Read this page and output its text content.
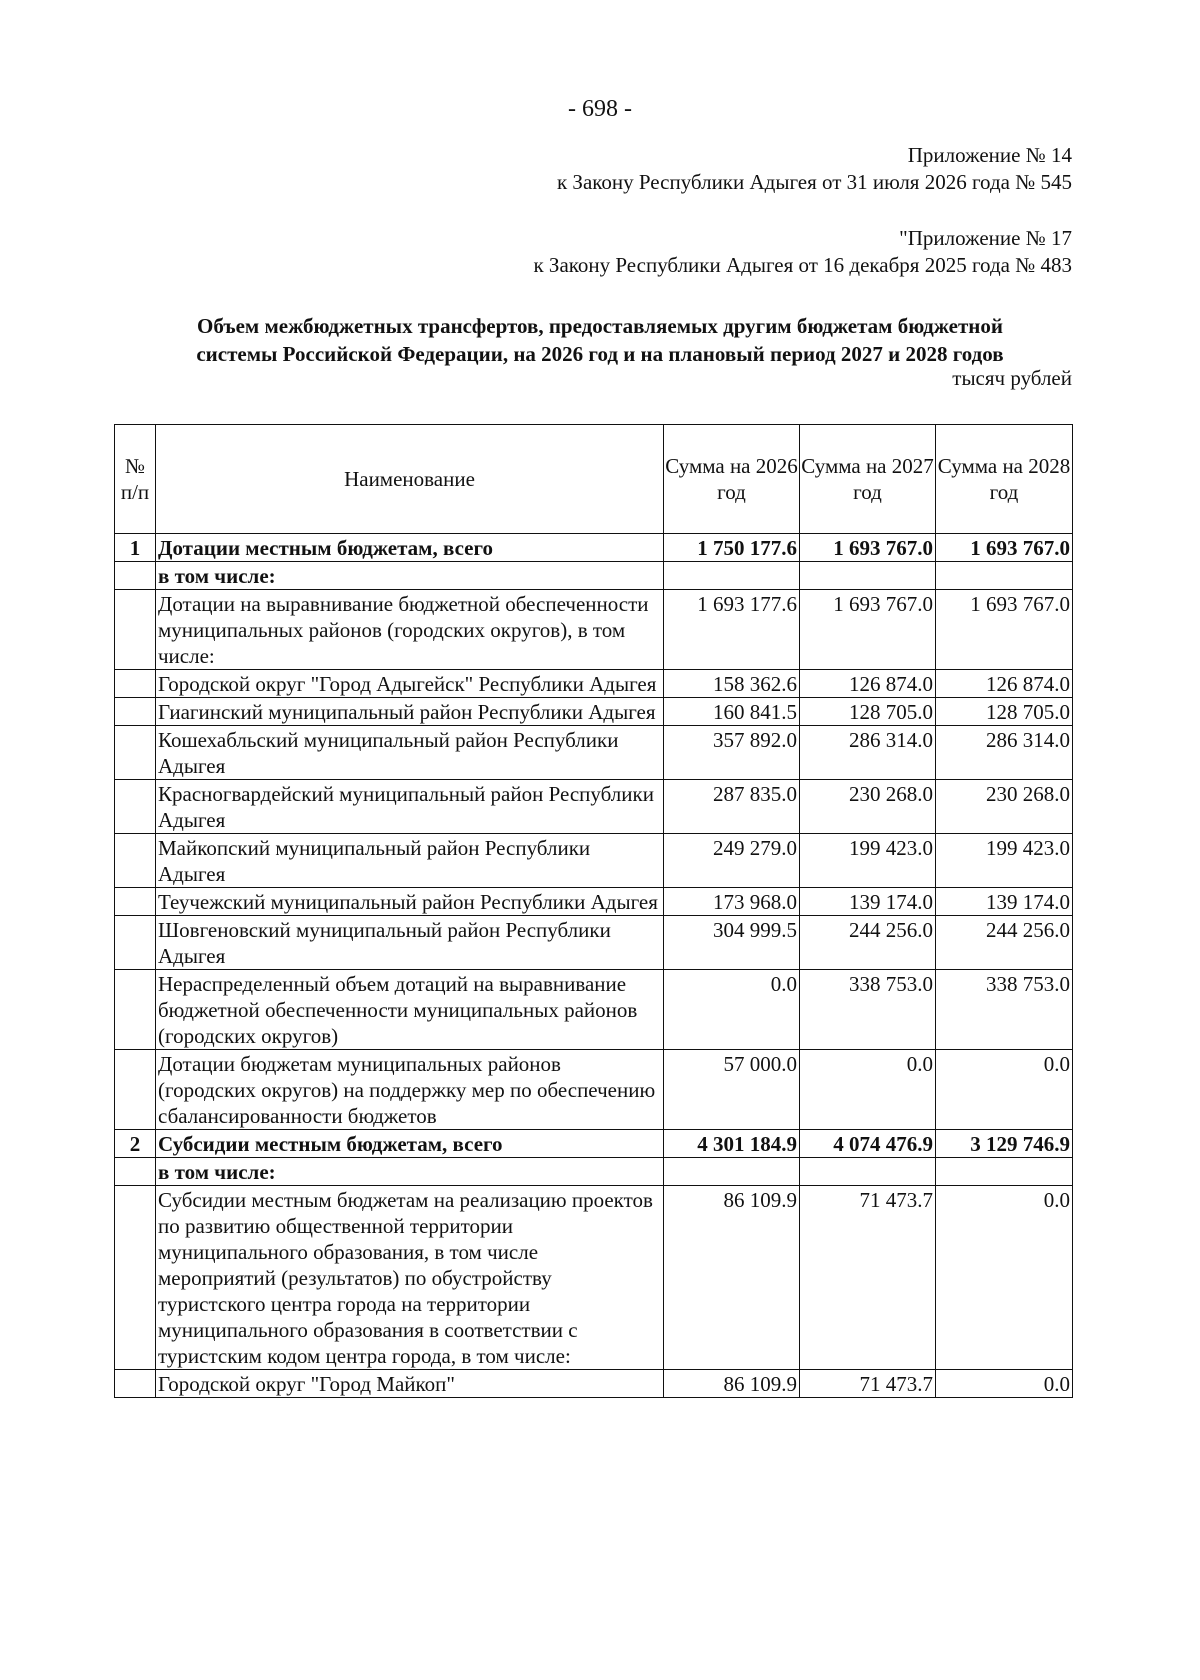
- 698 -
Приложение № 14
к Закону Республики Адыгея от 31 июля 2026 года № 545
"Приложение № 17
к Закону Республики Адыгея от 16 декабря 2025 года № 483
Объем межбюджетных трансфертов, предоставляемых другим бюджетам бюджетной
системы Российской Федерации, на 2026 год и на плановый период 2027 и 2028 годов
тысяч рублей
№ п/п	Наименование	Сумма на 2026 год	Сумма на 2027 год	Сумма на 2028 год
1	Дотации местным бюджетам, всего	1 750 177.6	1 693 767.0	1 693 767.0
	в том числе:			
	Дотации на выравнивание бюджетной обеспеченности муниципальных районов (городских округов), в том числе:	1 693 177.6	1 693 767.0	1 693 767.0
	Городской округ "Город Адыгейск" Республики Адыгея	158 362.6	126 874.0	126 874.0
	Гиагинский муниципальный район Республики Адыгея	160 841.5	128 705.0	128 705.0
	Кошехабльский муниципальный район Республики Адыгея	357 892.0	286 314.0	286 314.0
	Красногвардейский муниципальный район Республики Адыгея	287 835.0	230 268.0	230 268.0
	Майкопский муниципальный район Республики Адыгея	249 279.0	199 423.0	199 423.0
	Теучежский муниципальный район Республики Адыгея	173 968.0	139 174.0	139 174.0
	Шовгеновский муниципальный район Республики Адыгея	304 999.5	244 256.0	244 256.0
	Нераспределенный объем дотаций на выравнивание бюджетной обеспеченности муниципальных районов (городских округов)	0.0	338 753.0	338 753.0
	Дотации бюджетам муниципальных районов (городских округов) на поддержку мер по обеспечению сбалансированности бюджетов	57 000.0	0.0	0.0
2	Субсидии местным бюджетам, всего	4 301 184.9	4 074 476.9	3 129 746.9
	в том числе:			
	Субсидии местным бюджетам на реализацию проектов по развитию общественной территории муниципального образования, в том числе мероприятий (результатов) по обустройству туристского центра города на территории муниципального образования в соответствии с туристским кодом центра города, в том числе:	86 109.9	71 473.7	0.0
	Городской округ "Город Майкоп"	86 109.9	71 473.7	0.0
